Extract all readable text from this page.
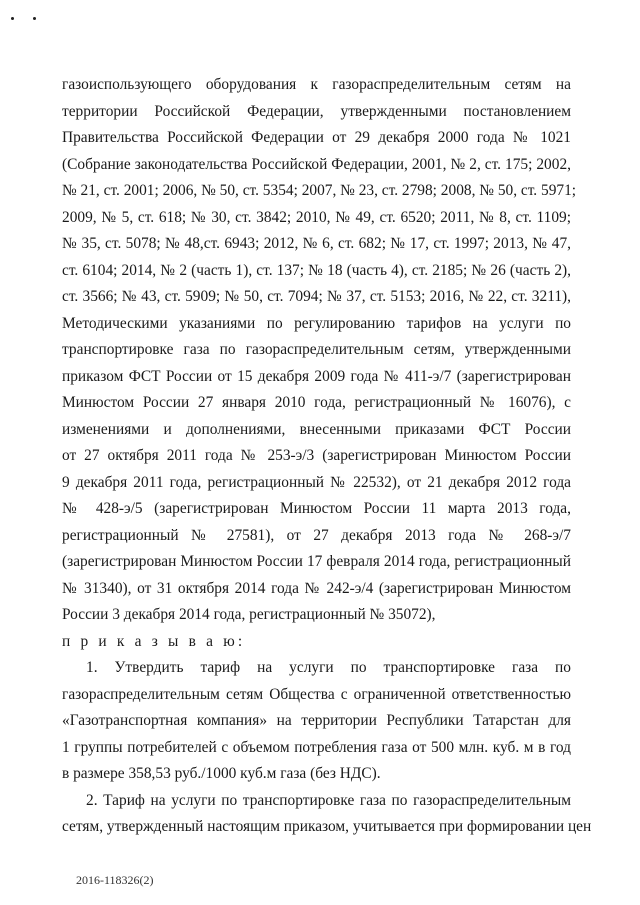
газоиспользующего оборудования к газораспределительным сетям на
территории Российской Федерации, утвержденными постановлением
Правительства Российской Федерации от 29 декабря 2000 года № 1021
(Собрание законодательства Российской Федерации, 2001, № 2, ст. 175; 2002,
№ 21, ст. 2001; 2006, № 50, ст. 5354; 2007, № 23, ст. 2798; 2008, № 50, ст. 5971;
2009, № 5, ст. 618; № 30, ст. 3842; 2010, № 49, ст. 6520; 2011, № 8, ст. 1109;
№ 35, ст. 5078; № 48,ст. 6943; 2012, № 6, ст. 682; № 17, ст. 1997; 2013, № 47,
ст. 6104; 2014, № 2 (часть 1), ст. 137; № 18 (часть 4), ст. 2185; № 26 (часть 2),
ст. 3566; № 43, ст. 5909; № 50, ст. 7094; № 37, ст. 5153; 2016, № 22, ст. 3211),
Методическими указаниями по регулированию тарифов на услуги по
транспортировке газа по газораспределительным сетям, утвержденными
приказом ФСТ России от 15 декабря 2009 года № 411-э/7 (зарегистрирован
Минюстом России 27 января 2010 года, регистрационный № 16076), с
изменениями и дополнениями, внесенными приказами ФСТ России
от 27 октября 2011 года № 253-э/3 (зарегистрирован Минюстом России
9 декабря 2011 года, регистрационный № 22532), от 21 декабря 2012 года
№ 428-э/5 (зарегистрирован Минюстом России 11 марта 2013 года,
регистрационный № 27581), от 27 декабря 2013 года № 268-э/7
(зарегистрирован Минюстом России 17 февраля 2014 года, регистрационный
№ 31340), от 31 октября 2014 года № 242-э/4 (зарегистрирован Минюстом
России 3 декабря 2014 года, регистрационный № 35072),
п р и к а з ы в а ю:
1. Утвердить тариф на услуги по транспортировке газа по
газораспределительным сетям Общества с ограниченной ответственностью
«Газотранспортная компания» на территории Республики Татарстан для
1 группы потребителей с объемом потребления газа от 500 млн. куб. м в год
в размере 358,53 руб./1000 куб.м газа (без НДС).
2. Тариф на услуги по транспортировке газа по газораспределительным
сетям, утвержденный настоящим приказом, учитывается при формировании цен
2016-118326(2)
